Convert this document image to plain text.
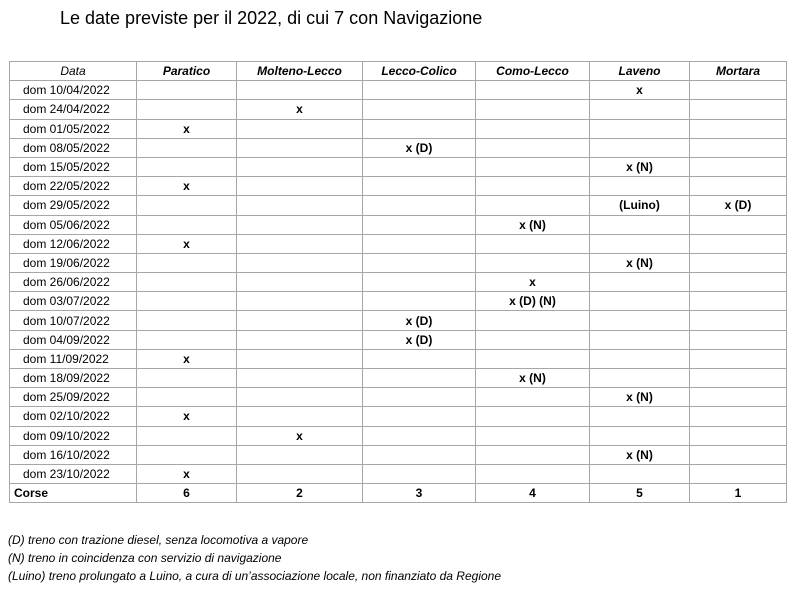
Le date previste per il 2022, di cui 7 con Navigazione
Data	Paratico	Molteno-Lecco	Lecco-Colico	Como-Lecco	Laveno	Mortara
dom 10/04/2022					x	
dom 24/04/2022		x				
dom 01/05/2022	x					
dom 08/05/2022			x (D)			
dom 15/05/2022					x (N)	
dom 22/05/2022	x					
dom 29/05/2022					(Luino)	x (D)
dom 05/06/2022				x (N)		
dom 12/06/2022	x					
dom 19/06/2022					x (N)	
dom 26/06/2022				x		
dom 03/07/2022				x (D) (N)		
dom 10/07/2022			x (D)			
dom 04/09/2022			x (D)			
dom 11/09/2022	x					
dom 18/09/2022				x (N)		
dom 25/09/2022					x (N)	
dom 02/10/2022	x					
dom 09/10/2022		x				
dom 16/10/2022					x (N)	
dom 23/10/2022	x					
Corse	6	2	3	4	5	1
(D) treno con trazione diesel, senza locomotiva a vapore
(N) treno in coincidenza con servizio di navigazione
(Luino) treno prolungato a Luino, a cura di un’associazione locale, non finanziato da Regione
